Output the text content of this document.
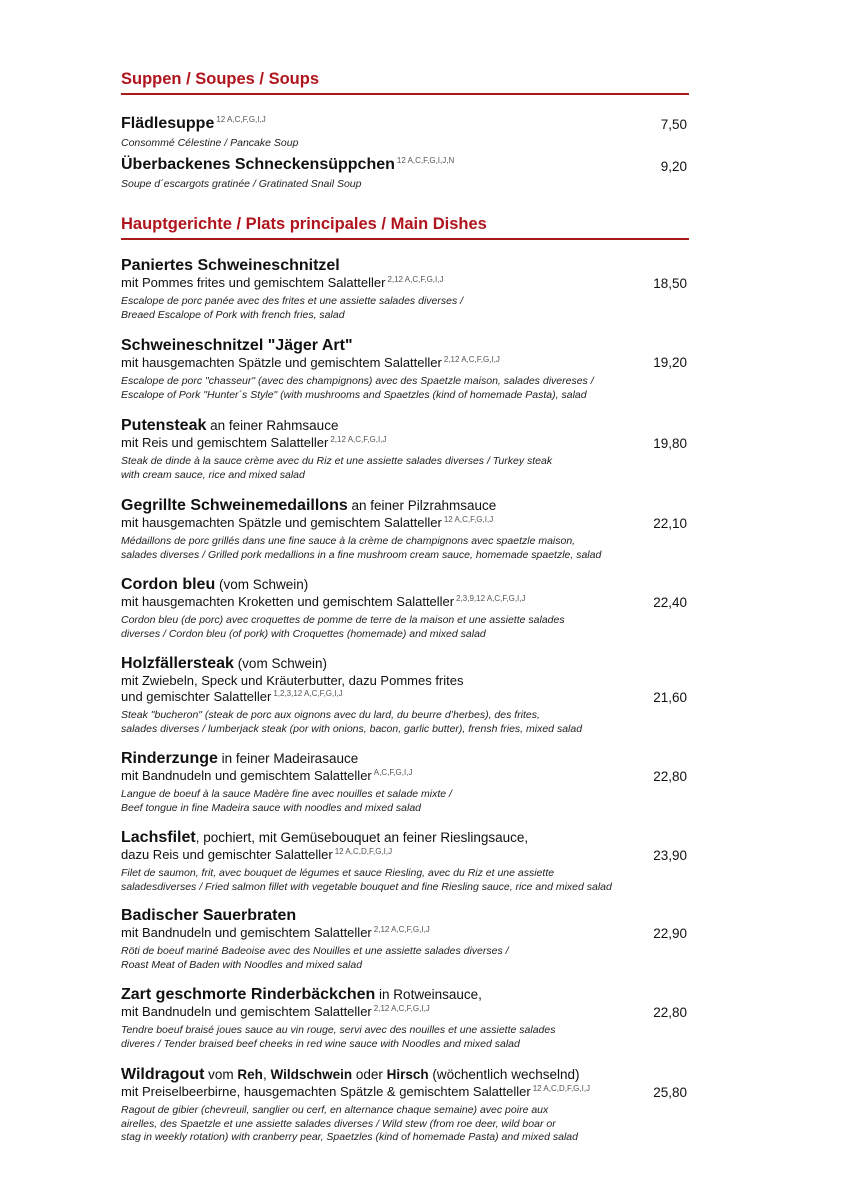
Suppen / Soupes / Soups
Flädlesuppe $^{12 A,C,F,G,I,J}$
Consommé Célestine / Pancake Soup
7,50
Überbackenes Schneckensüppchen $^{12 A,C,F,G,I,J,N}$
Soupe d´escargots gratinée / Gratinated Snail Soup
9,20
Hauptgerichte / Plats principales / Main Dishes
Paniertes Schweineschnitzel
mit Pommes frites und gemischtem Salatteller $^{2,12 A,C,F,G,I,J}$
Escalope de porc panée avec des frites et une assiette salades diverses /
Breaed Escalope of Pork with french fries, salad
18,50
Schweineschnitzel "Jäger Art"
mit hausgemachten Spätzle und gemischtem Salatteller $^{2,12 A,C,F,G,I,J}$
Escalope de porc "chasseur" (avec des champignons) avec des Spaetzle maison, salades divereses /
Escalope of Pork "Hunter´s Style" (with mushrooms and Spaetzles (kind of homemade Pasta), salad
19,20
Putensteak an feiner Rahmsauce
mit Reis und gemischtem Salatteller $^{2,12 A,C,F,G,I,J}$
Steak de dinde à la sauce crème avec du Riz et une assiette salades diverses / Turkey steak
with cream sauce, rice and mixed salad
19,80
Gegrillte Schweinemedaillons an feiner Pilzrahmsauce
mit hausgemachten Spätzle und gemischtem Salatteller $^{12 A,C,F,G,I,J}$
Médaillons de porc grillés dans une fine sauce à la crème de champignons avec spaetzle maison,
salades diverses / Grilled pork medallions in a fine mushroom cream sauce, homemade spaetzle, salad
22,10
Cordon bleu (vom Schwein)
mit hausgemachten Kroketten und gemischtem Salatteller $^{2,3,9,12 A,C,F,G,I,J}$
Cordon bleu (de porc) avec croquettes de pomme de terre de la maison et une assiette salades
diverses / Cordon bleu (of pork) with Croquettes (homemade) and mixed salad
22,40
Holzfällersteak (vom Schwein)
mit Zwiebeln, Speck und Kräuterbutter, dazu Pommes frites
und gemischter Salatteller $^{1,2,3,12 A,C,F,G,I,J}$
Steak "bucheron" (steak de porc aux oignons avec du lard, du beurre d’herbes), des frites,
salades diverses / lumberjack steak (por with onions, bacon, garlic butter), frensh fries, mixed salad
21,60
Rinderzunge in feiner Madeirasauce
mit Bandnudeln und gemischtem Salatteller $^{A,C,F,G,I,J}$
Langue de boeuf à la sauce Madère fine avec nouilles et salade mixte /
Beef tongue in fine Madeira sauce with noodles and mixed salad
22,80
Lachsfilet, pochiert, mit Gemüsebouquet an feiner Rieslingsauce,
dazu Reis und gemischter Salatteller $^{12 A,C,D,F,G,I,J}$
Filet de saumon, frit, avec bouquet de légumes et sauce Riesling, avec du Riz et une assiette
saladesdiverses / Fried salmon fillet with vegetable bouquet and fine Riesling sauce, rice and mixed salad
23,90
Badischer Sauerbraten
mit Bandnudeln und gemischtem Salatteller $^{2,12 A,C,F,G,I,J}$
Röti de boeuf mariné Badeoise avec des Nouilles et une assiette salades diverses /
Roast Meat of Baden with Noodles and mixed salad
22,90
Zart geschmorte Rinderbäckchen in Rotweinsauce,
mit Bandnudeln und gemischtem Salatteller $^{2,12 A,C,F,G,I,J}$
Tendre boeuf braisé joues sauce au vin rouge, servi avec des nouilles et une assiette salades
diveres / Tender braised beef cheeks in red wine sauce with Noodles and mixed salad
22,80
Wildragout vom Reh, Wildschwein oder Hirsch (wöchentlich wechselnd)
mit Preiselbeerbirne, hausgemachten Spätzle & gemischtem Salatteller $^{12 A,C,D,F,G,I,J}$
Ragout de gibier (chevreuil, sanglier ou cerf, en alternance chaque semaine) avec poire aux
airelles, des Spaetzle et une assiette salades diverses / Wild stew (from roe deer, wild boar or
stag in weekly rotation) with cranberry pear, Spaetzles (kind of homemade Pasta) and mixed salad
25,80
